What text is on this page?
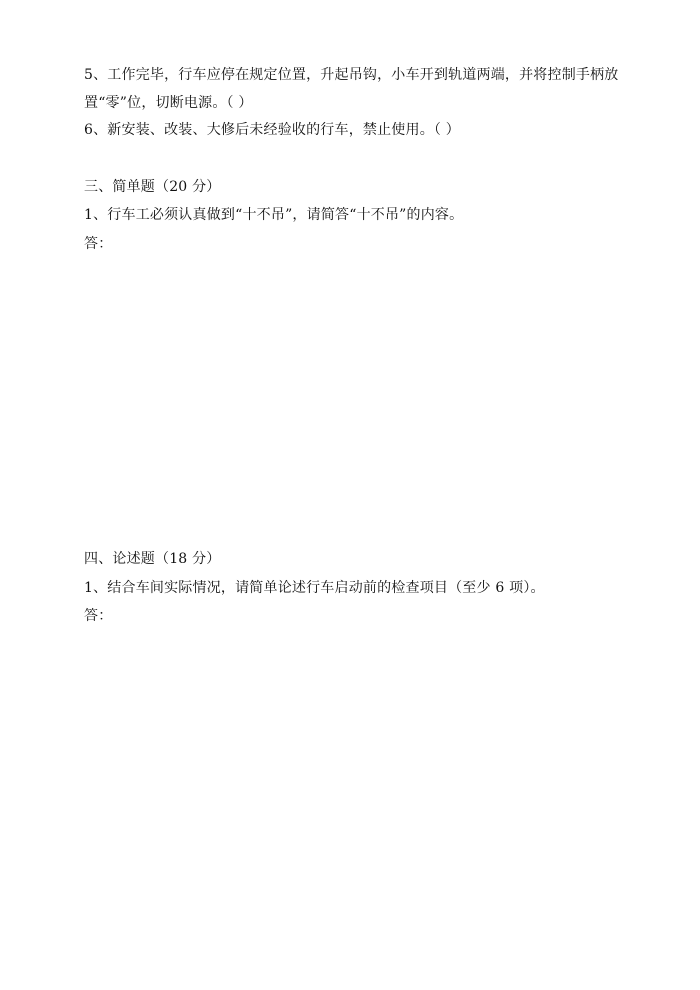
5、工作完毕，行车应停在规定位置，升起吊钩，小车开到轨道两端，并将控制手柄放
置“零”位，切断电源。（ ）
6、新安装、改装、大修后未经验收的行车，禁止使用。（ ）
三、简单题（20 分）
1、行车工必须认真做到“十不吊”，请简答“十不吊”的内容。
答：
四、论述题（18 分）
1、结合车间实际情况，请简单论述行车启动前的检查项目（至少 6 项）。
答：
